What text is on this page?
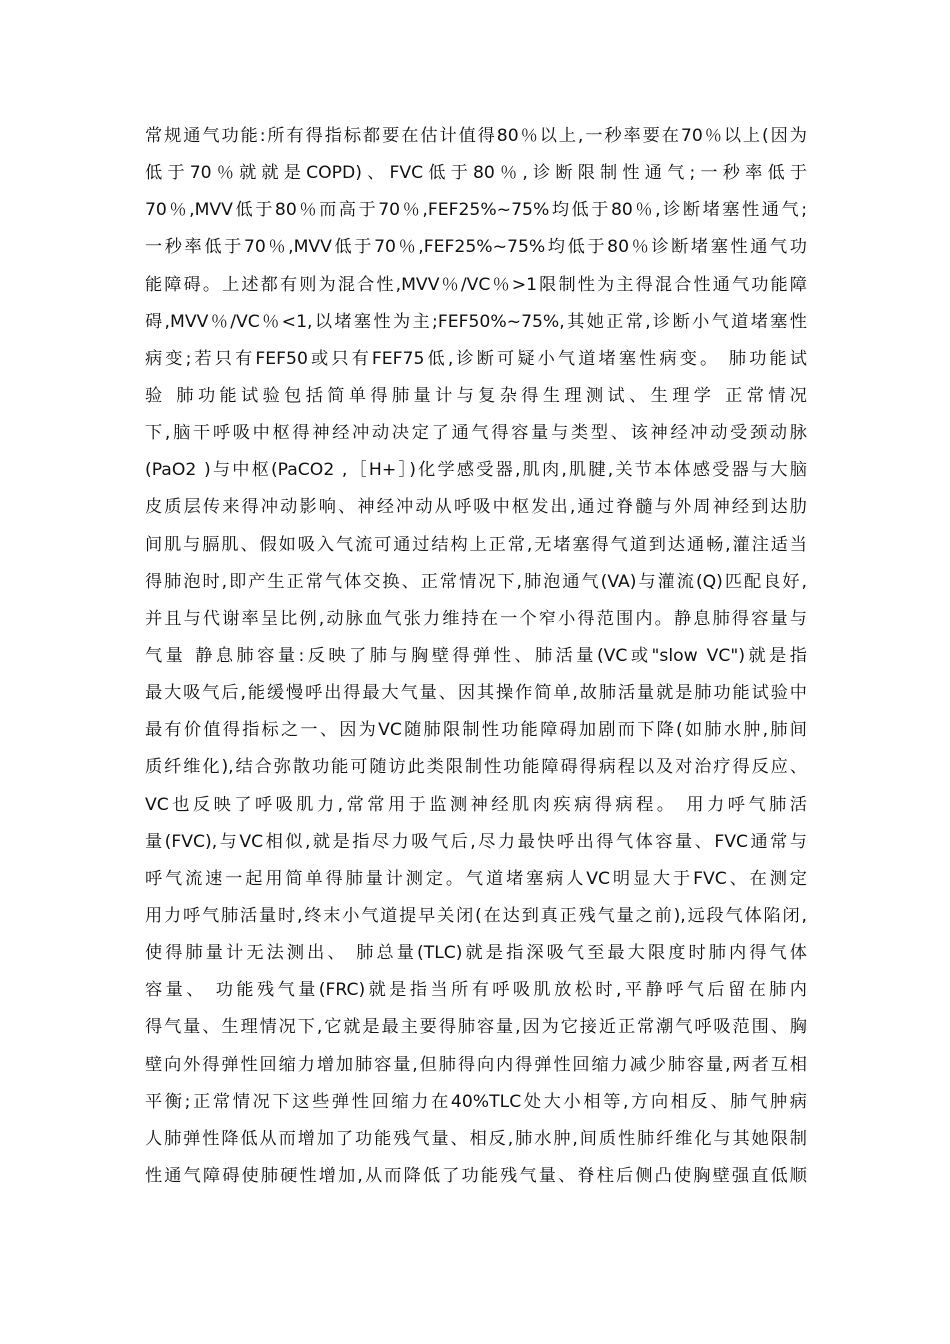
常规通气功能:所有得指标都要在估计值得80％以上,一秒率要在70％以上(因为
低于70％就就是COPD)、FVC低于80％,诊断限制性通气;一秒率低于
70％,MVV低于80％而高于70％,FEF25%~75%均低于80％,诊断堵塞性通气;
一秒率低于70％,MVV低于70％,FEF25%~75%均低于80％诊断堵塞性通气功
能障碍。上述都有则为混合性,MVV％/VC％>1限制性为主得混合性通气功能障
碍,MVV％/VC％<1,以堵塞性为主;FEF50%~75%,其她正常,诊断小气道堵塞性
病变;若只有FEF50或只有FEF75低,诊断可疑小气道堵塞性病变。 肺功能试
验 肺功能试验包括简单得肺量计与复杂得生理测试、生理学 正常情况
下,脑干呼吸中枢得神经冲动决定了通气得容量与类型、该神经冲动受颈动脉
(PaO2 )与中枢(PaCO2 ,［H+］)化学感受器,肌肉,肌腱,关节本体感受器与大脑
皮质层传来得冲动影响、神经冲动从呼吸中枢发出,通过脊髓与外周神经到达肋
间肌与膈肌、假如吸入气流可通过结构上正常,无堵塞得气道到达通畅,灌注适当
得肺泡时,即产生正常气体交换、正常情况下,肺泡通气(VA)与灌流(Q)匹配良好,
并且与代谢率呈比例,动脉血气张力维持在一个窄小得范围内。静息肺得容量与
气量 静息肺容量:反映了肺与胸壁得弹性、肺活量(VC或"slow VC")就是指
最大吸气后,能缓慢呼出得最大气量、因其操作简单,故肺活量就是肺功能试验中
最有价值得指标之一、因为VC随肺限制性功能障碍加剧而下降(如肺水肿,肺间
质纤维化),结合弥散功能可随访此类限制性功能障碍得病程以及对治疗得反应、
VC也反映了呼吸肌力,常常用于监测神经肌肉疾病得病程。 用力呼气肺活
量(FVC),与VC相似,就是指尽力吸气后,尽力最快呼出得气体容量、FVC通常与
呼气流速一起用简单得肺量计测定。气道堵塞病人VC明显大于FVC、在测定
用力呼气肺活量时,终末小气道提早关闭(在达到真正残气量之前),远段气体陷闭,
使得肺量计无法测出、 肺总量(TLC)就是指深吸气至最大限度时肺内得气体
容量、 功能残气量(FRC)就是指当所有呼吸肌放松时,平静呼气后留在肺内
得气量、生理情况下,它就是最主要得肺容量,因为它接近正常潮气呼吸范围、胸
壁向外得弹性回缩力增加肺容量,但肺得向内得弹性回缩力减少肺容量,两者互相
平衡;正常情况下这些弹性回缩力在40%TLC处大小相等,方向相反、肺气肿病
人肺弹性降低从而增加了功能残气量、相反,肺水肿,间质性肺纤维化与其她限制
性通气障碍使肺硬性增加,从而降低了功能残气量、脊柱后侧凸使胸壁强直低顺
